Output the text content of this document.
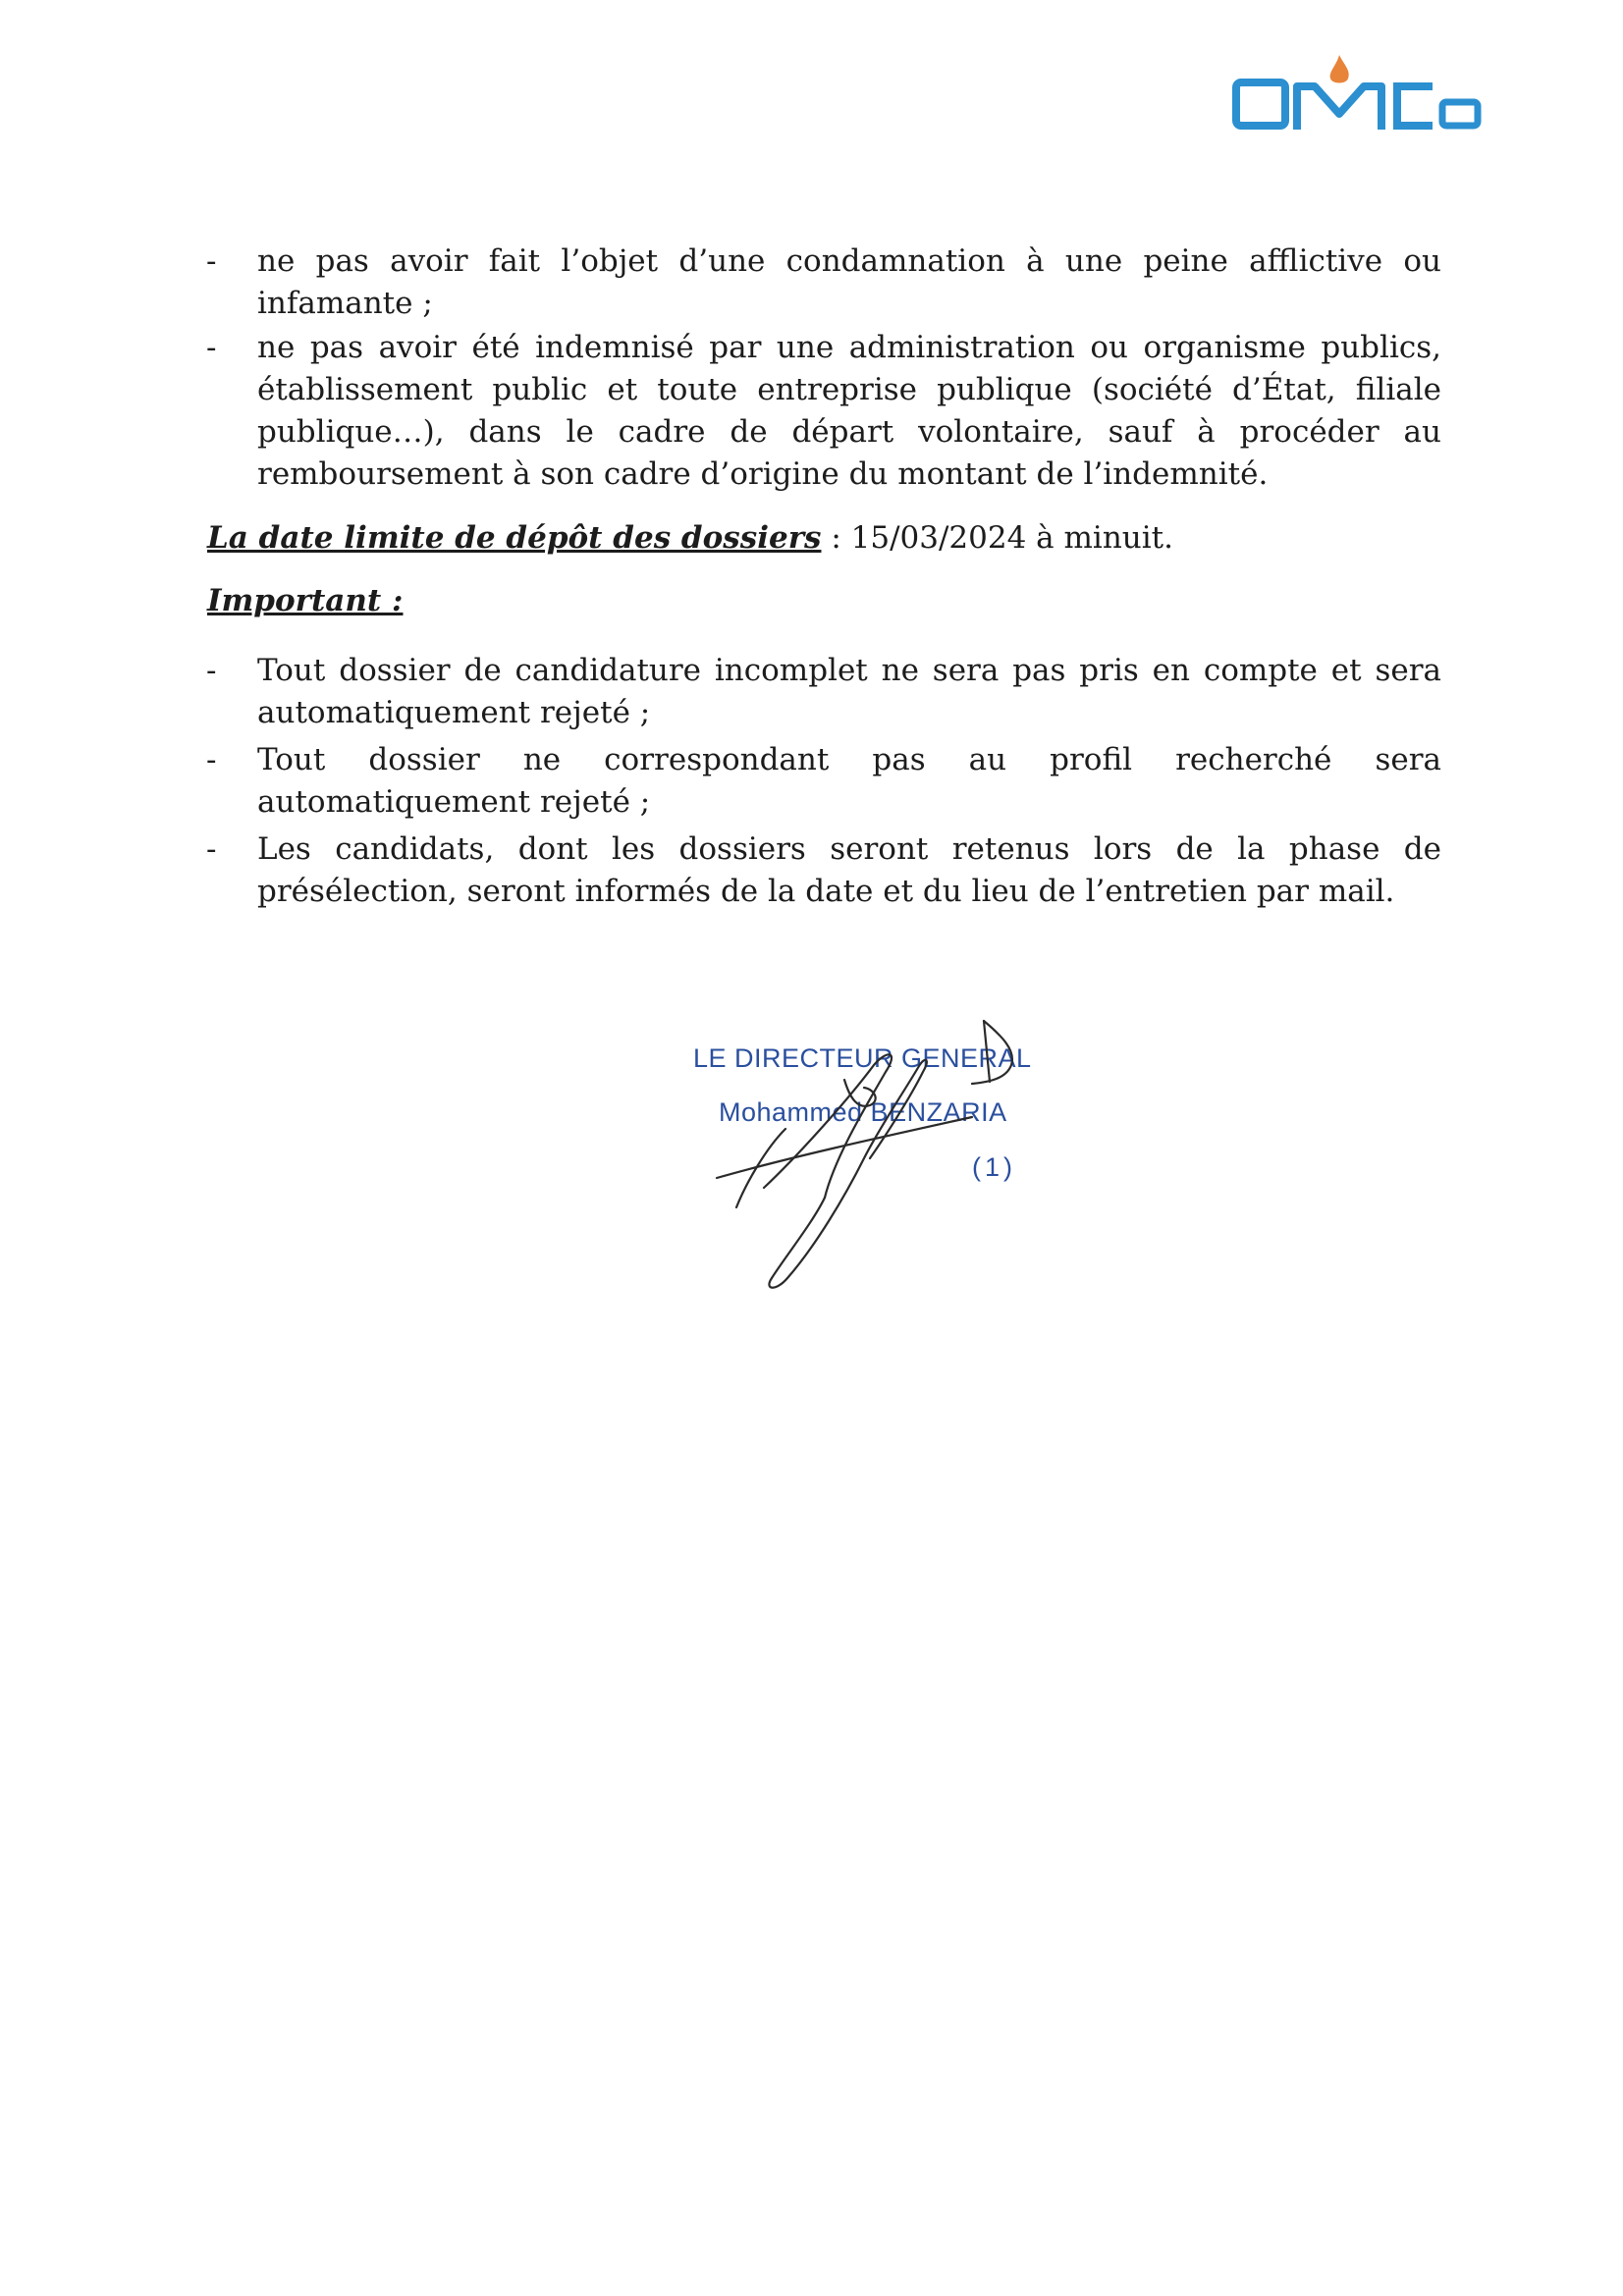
- ne pas avoir fait l’objet d’une condamnation à une peine afflictive ou infamante ;
- ne pas avoir été indemnisé par une administration ou organisme publics, établissement public et toute entreprise publique (société d’État, filiale publique…), dans le cadre de départ volontaire, sauf à procéder au remboursement à son cadre d’origine du montant de l’indemnité.
La date limite de dépôt des dossiers : 15/03/2024 à minuit.
Important :
- Tout dossier de candidature incomplet ne sera pas pris en compte et sera automatiquement rejeté ;
- Tout dossier ne correspondant pas au profil recherché sera automatiquement rejeté ;
- Les candidats, dont les dossiers seront retenus lors de la phase de présélection, seront informés de la date et du lieu de l’entretien par mail.
LE DIRECTEUR GENERAL
Mohammed BENZARIA
(1)
